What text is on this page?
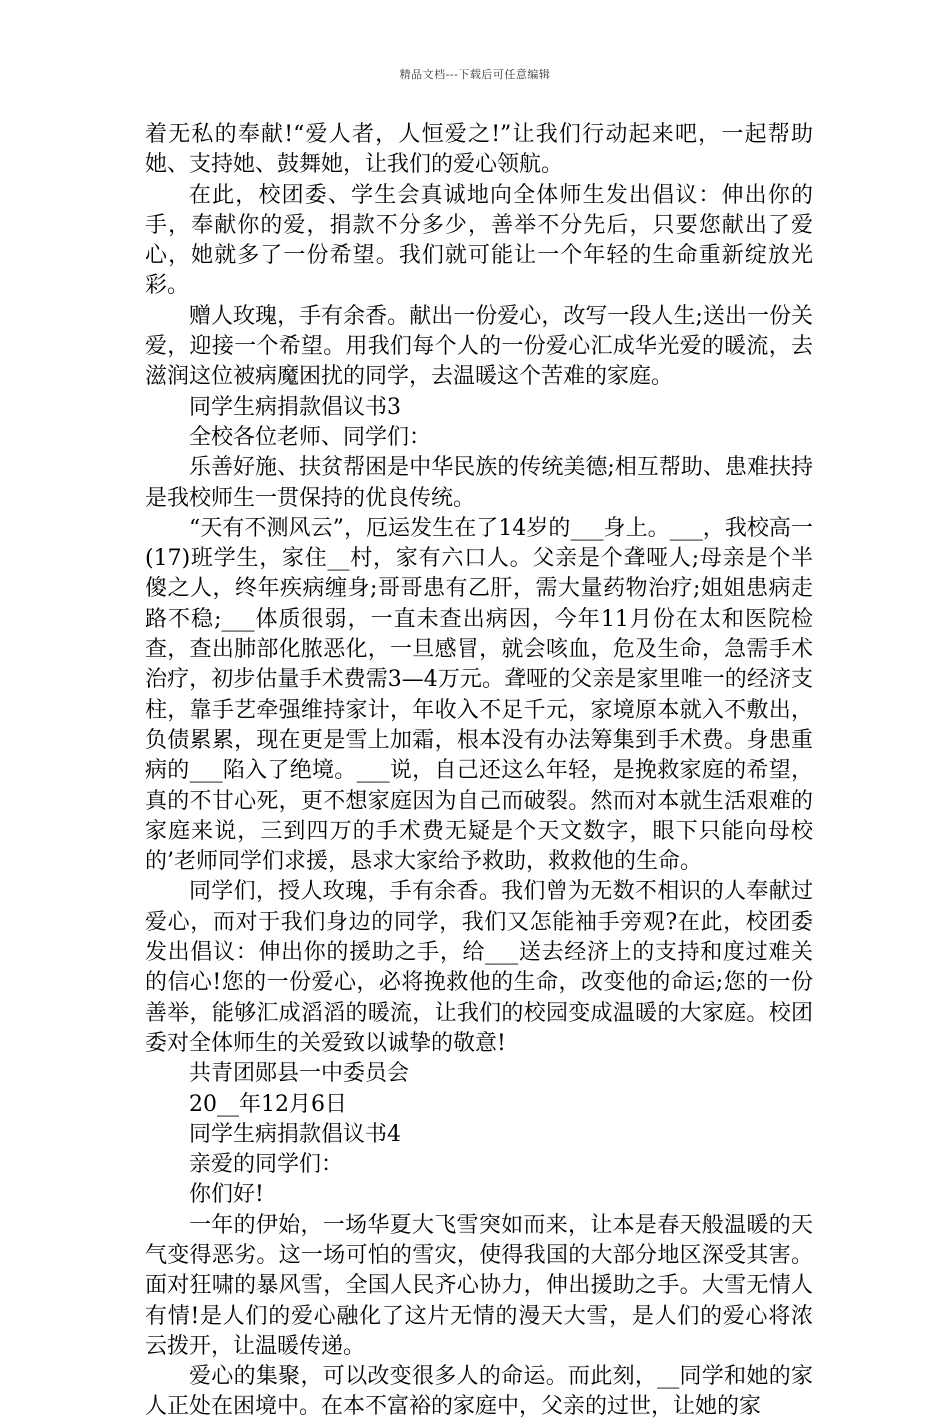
精品文档---下载后可任意编辑

着无私的奉献!“爱人者，人恒爱之!”让我们行动起来吧，一起帮助她、支持她、鼓舞她，让我们的爱心领航。

在此，校团委、学生会真诚地向全体师生发出倡议：伸出你的手，奉献你的爱，捐款不分多少，善举不分先后，只要您献出了爱心，她就多了一份希望。我们就可能让一个年轻的生命重新绽放光彩。

赠人玫瑰，手有余香。献出一份爱心，改写一段人生;送出一份关爱，迎接一个希望。用我们每个人的一份爱心汇成华光爱的暖流，去滋润这位被病魔困扰的同学，去温暖这个苦难的家庭。

同学生病捐款倡议书3

全校各位老师、同学们：

乐善好施、扶贫帮困是中华民族的传统美德;相互帮助、患难扶持是我校师生一贯保持的优良传统。

“天有不测风云”，厄运发生在了14岁的___身上。___，我校高一(17)班学生，家住__村，家有六口人。父亲是个聋哑人;母亲是个半傻之人，终年疾病缠身;哥哥患有乙肝，需大量药物治疗;姐姐患病走路不稳;___体质很弱，一直未查出病因，今年11月份在太和医院检查，查出肺部化脓恶化，一旦感冒，就会咳血，危及生命，急需手术治疗，初步估量手术费需3—4万元。聋哑的父亲是家里唯一的经济支柱，靠手艺牵强维持家计，年收入不足千元，家境原本就入不敷出，负债累累，现在更是雪上加霜，根本没有办法筹集到手术费。身患重病的___陷入了绝境。___说，自己还这么年轻，是挽救家庭的希望，真的不甘心死，更不想家庭因为自己而破裂。然而对本就生活艰难的家庭来说，三到四万的手术费无疑是个天文数字，眼下只能向母校的’老师同学们求援，恳求大家给予救助，救救他的生命。

同学们，授人玫瑰，手有余香。我们曾为无数不相识的人奉献过爱心，而对于我们身边的同学，我们又怎能袖手旁观?在此，校团委发出倡议：伸出你的援助之手，给___送去经济上的支持和度过难关的信心!您的一份爱心，必将挽救他的生命，改变他的命运;您的一份善举，能够汇成滔滔的暖流，让我们的校园变成温暖的大家庭。校团委对全体师生的关爱致以诚挚的敬意!

共青团郧县一中委员会

20__年12月6日

同学生病捐款倡议书4

亲爱的同学们：

你们好!

一年的伊始，一场华夏大飞雪突如而来，让本是春天般温暖的天气变得恶劣。这一场可怕的雪灾，使得我国的大部分地区深受其害。面对狂啸的暴风雪，全国人民齐心协力，伸出援助之手。大雪无情人有情!是人们的爱心融化了这片无情的漫天大雪，是人们的爱心将浓云拨开，让温暖传递。

爱心的集聚，可以改变很多人的命运。而此刻，__同学和她的家人正处在困境中。在本不富裕的家庭中，父亲的过世，让她的家
